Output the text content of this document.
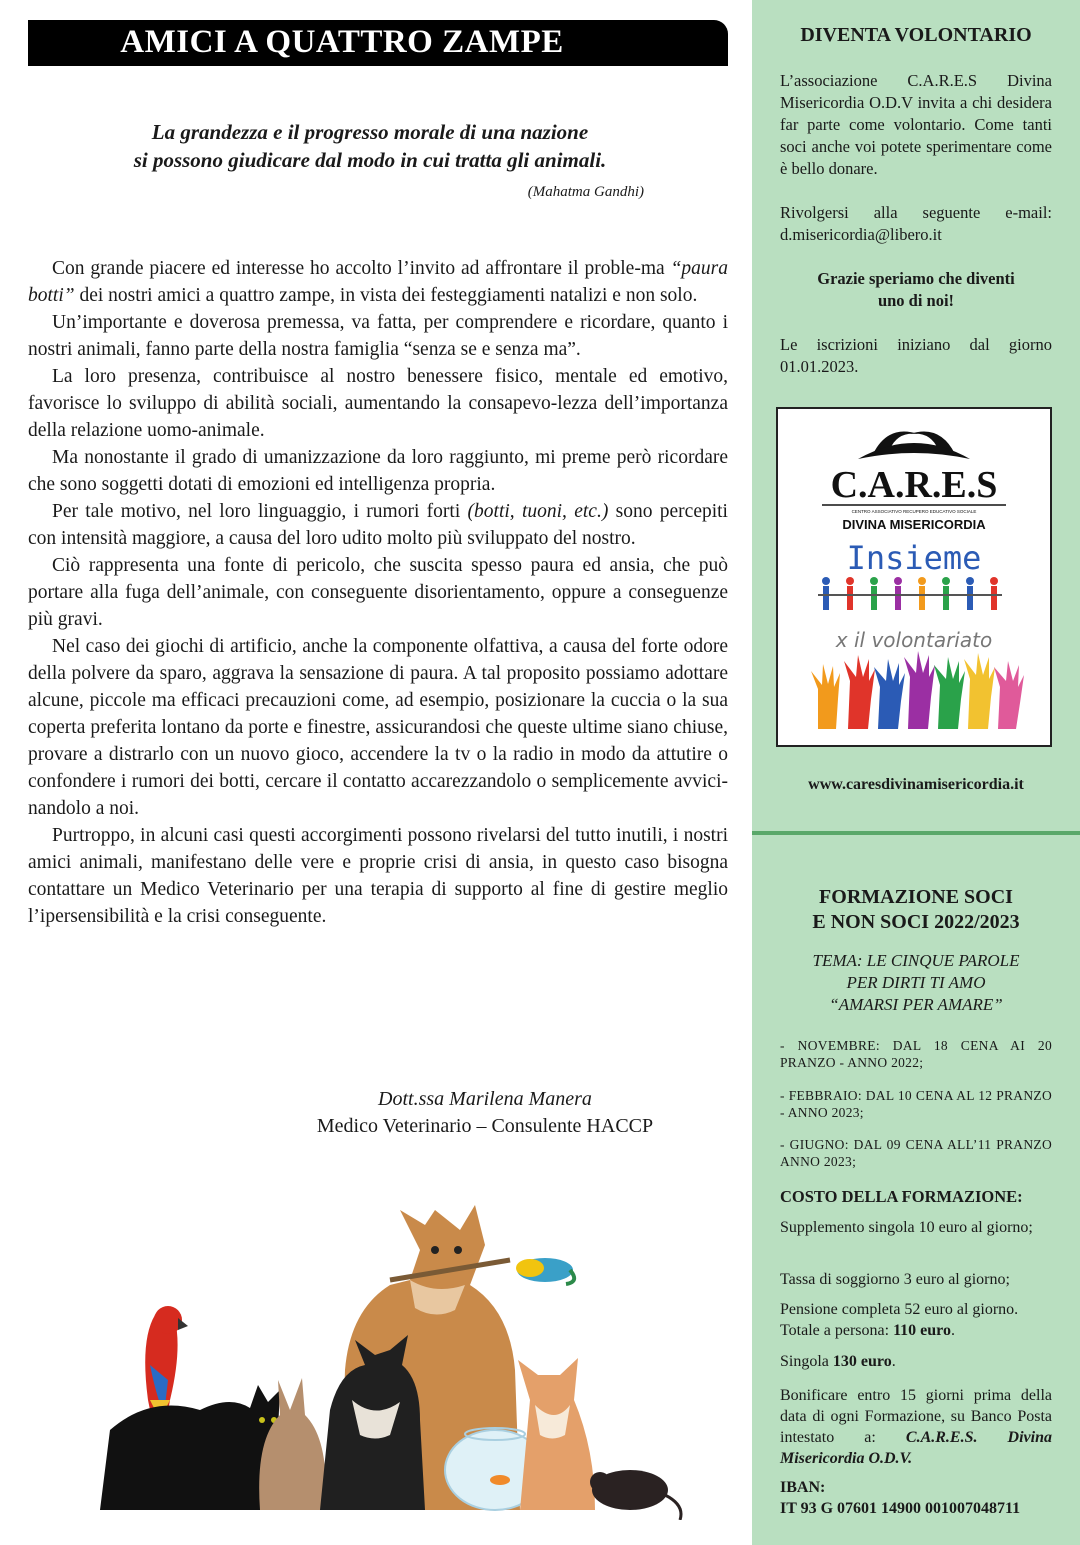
AMICI A QUATTRO ZAMPE
La grandezza e il progresso morale di una nazione
si possono giudicare dal modo in cui tratta gli animali.
(Mahatma Gandhi)

Con grande piacere ed interesse ho accolto l’invito ad affrontare il proble-ma “paura botti” dei nostri amici a quattro zampe, in vista dei festeggiamenti natalizi e non solo.

Un’importante e doverosa premessa, va fatta, per comprendere e ricordare, quanto i nostri animali, fanno parte della nostra famiglia “senza se e senza ma”.

La loro presenza, contribuisce al nostro benessere fisico, mentale ed emotivo, favorisce lo sviluppo di abilità sociali, aumentando la consapevo-lezza dell’importanza della relazione uomo-animale.

Ma nonostante il grado di umanizzazione da loro raggiunto, mi preme però ricordare che sono soggetti dotati di emozioni ed intelligenza propria.

Per tale motivo, nel loro linguaggio, i rumori forti (botti, tuoni, etc.) sono percepiti con intensità maggiore, a causa del loro udito molto più sviluppato del nostro.

Ciò rappresenta una fonte di pericolo, che suscita spesso paura ed ansia, che può portare alla fuga dell’animale, con conseguente disorientamento, oppure a conseguenze più gravi.

Nel caso dei giochi di artificio, anche la componente olfattiva, a causa del forte odore della polvere da sparo, aggrava la sensazione di paura. A tal proposito possiamo adottare alcune, piccole ma efficaci precauzioni come, ad esempio, posizionare la cuccia o la sua coperta preferita lontano da porte e finestre, assicurandosi che queste ultime siano chiuse, provare a distrarlo con un nuovo gioco, accendere la tv o la radio in modo da attutire o confondere i rumori dei botti, cercare il contatto accarezzandolo o semplicemente avvici-nandolo a noi.

Purtroppo, in alcuni casi questi accorgimenti possono rivelarsi del tutto inutili, i nostri amici animali, manifestano delle vere e proprie crisi di ansia, in questo caso bisogna contattare un Medico Veterinario per una terapia di supporto al fine di gestire meglio l’ipersensibilità e la crisi conseguente.

Dott.ssa Marilena Manera
Medico Veterinario – Consulente HACCP
DIVENTA VOLONTARIO
L’associazione C.A.R.E.S Divina Misericordia O.D.V invita a chi desidera far parte come volontario. Come tanti soci anche voi potete sperimentare come è bello donare.
Rivolgersi alla seguente e-mail: d.misericordia@libero.it
Grazie speriamo che diventi
uno di noi!
Le iscrizioni iniziano dal giorno 01.01.2023.
C.A.R.E.S
CENTRO ASSOCIATIVO RECUPERO EDUCATIVO SOCIALE
DIVINA MISERICORDIA
Insieme
x il volontariato
www.caresdivinamisericordia.it
FORMAZIONE SOCI
E NON SOCI 2022/2023
TEMA: LE CINQUE PAROLE
PER DIRTI TI AMO
“AMARSI PER AMARE”
- NOVEMBRE: DAL 18 CENA AI 20 PRANZO - ANNO 2022;
- FEBBRAIO: DAL 10 CENA AL 12 PRANZO - ANNO 2023;
- GIUGNO: DAL 09 CENA ALL’11 PRANZO ANNO 2023;
COSTO DELLA FORMAZIONE:
Supplemento singola 10 euro al giorno;
Tassa di soggiorno 3 euro al giorno;
Pensione completa 52 euro al giorno.
Totale a persona: 110 euro.
Singola 130 euro.
Bonificare entro 15 giorni prima della data di ogni Formazione, su Banco Posta intestato a: C.A.R.E.S. Divina Misericordia O.D.V.
IBAN:
IT 93 G 07601 14900 001007048711
